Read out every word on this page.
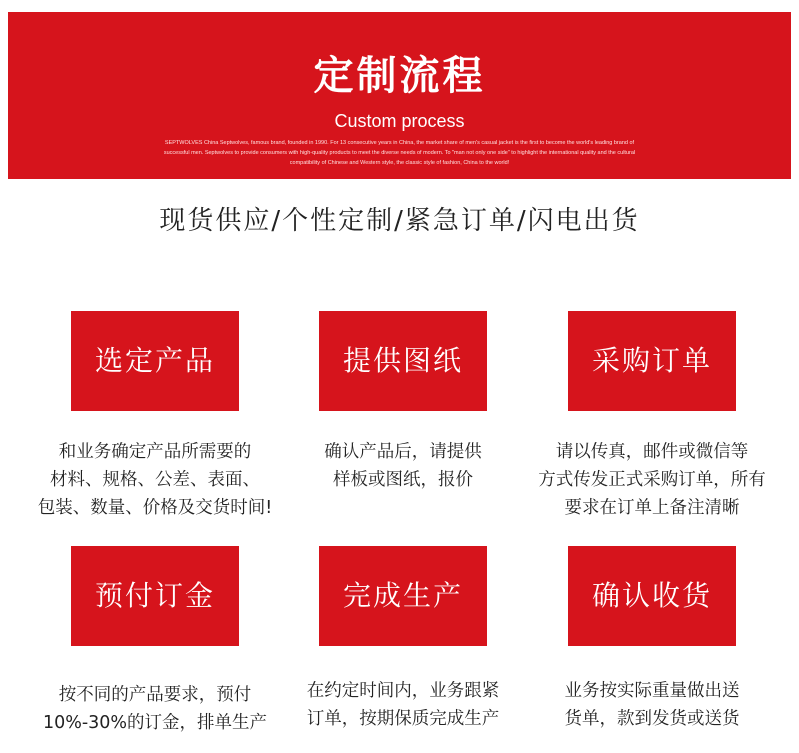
定制流程
Custom process
SEPTWOLVES China Septwolves, famous brand, founded in 1990. For 13 consecutive years in China, the market share of men's casual jacket is the first to become the world's leading brand of successful men. Septwolves to provide consumers with high-quality products to meet the diverse needs of modern. To "man not only one side" to highlight the international quality and the cultural compatibility of Chinese and Western style, the classic style of fashion, China to the world!
现货供应/个性定制/紧急订单/闪电出货
选定产品	提供图纸	采购订单
和业务确定产品所需要的
材料、规格、公差、表面、
包装、数量、价格及交货时间!
确认产品后，请提供
样板或图纸，报价
请以传真，邮件或微信等
方式传发正式采购订单，所有
要求在订单上备注清晰
预付订金	完成生产	确认收货
按不同的产品要求，预付
10%-30%的订金，排单生产
在约定时间内，业务跟紧
订单，按期保质完成生产
业务按实际重量做出送
货单，款到发货或送货
